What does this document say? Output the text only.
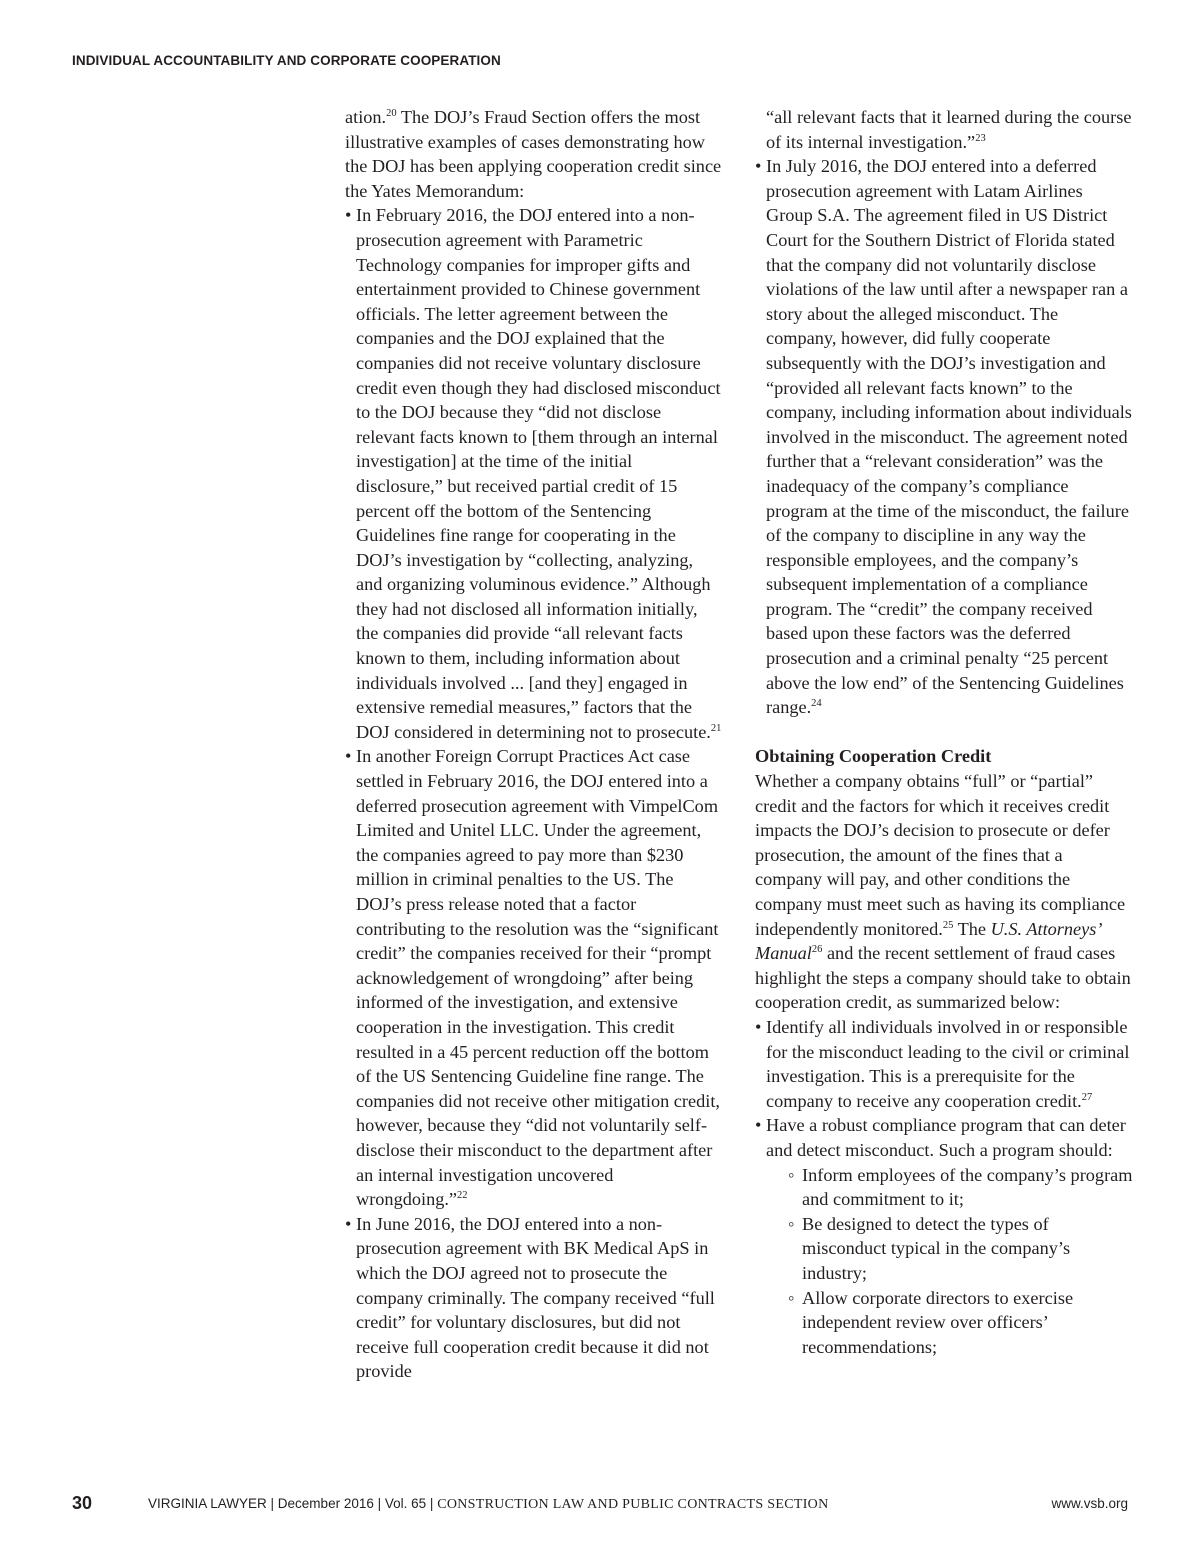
INDIVIDUAL ACCOUNTABILITY AND CORPORATE COOPERATION

ation.$^{20}$ The DOJ’s Fraud Section offers the most illustrative examples of cases demonstrating how the DOJ has been applying cooperation credit since the Yates Memorandum:

• In February 2016, the DOJ entered into a non-prosecution agreement with Parametric Technology companies for improper gifts and entertainment provided to Chinese government officials. The letter agreement between the companies and the DOJ explained that the companies did not receive voluntary disclosure credit even though they had disclosed misconduct to the DOJ because they “did not disclose relevant facts known to [them through an internal investigation] at the time of the initial disclosure,” but received partial credit of 15 percent off the bottom of the Sentencing Guidelines fine range for cooperating in the DOJ’s investigation by “collecting, analyzing, and organizing voluminous evidence.” Although they had not disclosed all information initially, the companies did provide “all relevant facts known to them, including information about individuals involved ... [and they] engaged in extensive remedial measures,” factors that the DOJ considered in determining not to prosecute.$^{21}$

• In another Foreign Corrupt Practices Act case settled in February 2016, the DOJ entered into a deferred prosecution agreement with VimpelCom Limited and Unitel LLC. Under the agreement, the companies agreed to pay more than $230 million in criminal penalties to the US. The DOJ’s press release noted that a factor contributing to the resolution was the “significant credit” the companies received for their “prompt acknowledgement of wrongdoing” after being informed of the investigation, and extensive cooperation in the investigation. This credit resulted in a 45 percent reduction off the bottom of the US Sentencing Guideline fine range. The companies did not receive other mitigation credit, however, because they “did not voluntarily self-disclose their misconduct to the department after an internal investigation uncovered wrongdoing.”$^{22}$

• In June 2016, the DOJ entered into a non-prosecution agreement with BK Medical ApS in which the DOJ agreed not to prosecute the company criminally. The company received “full credit” for voluntary disclosures, but did not receive full cooperation credit because it did not provide

“all relevant facts that it learned during the course of its internal investigation.”$^{23}$

• In July 2016, the DOJ entered into a deferred prosecution agreement with Latam Airlines Group S.A. The agreement filed in US District Court for the Southern District of Florida stated that the company did not voluntarily disclose violations of the law until after a newspaper ran a story about the alleged misconduct. The company, however, did fully cooperate subsequently with the DOJ’s investigation and “provided all relevant facts known” to the company, including information about individuals involved in the misconduct. The agreement noted further that a “relevant consideration” was the inadequacy of the company’s compliance program at the time of the misconduct, the failure of the company to discipline in any way the responsible employees, and the company’s subsequent implementation of a compliance program. The “credit” the company received based upon these factors was the deferred prosecution and a criminal penalty “25 percent above the low end” of the Sentencing Guidelines range.$^{24}$

Obtaining Cooperation Credit

Whether a company obtains “full” or “partial” credit and the factors for which it receives credit impacts the DOJ’s decision to prosecute or defer prosecution, the amount of the fines that a company will pay, and other conditions the company must meet such as having its compliance independently monitored.$^{25}$ The U.S. Attorneys’ Manual$^{26}$ and the recent settlement of fraud cases highlight the steps a company should take to obtain cooperation credit, as summarized below:

• Identify all individuals involved in or responsible for the misconduct leading to the civil or criminal investigation. This is a prerequisite for the company to receive any cooperation credit.$^{27}$

• Have a robust compliance program that can deter and detect misconduct. Such a program should:

◦ Inform employees of the company’s program and commitment to it;

◦ Be designed to detect the types of misconduct typical in the company’s industry;

◦ Allow corporate directors to exercise independent review over officers’ recommendations;

30	VIRGINIA LAWYER | December 2016 | Vol. 65 | CONSTRUCTION LAW AND PUBLIC CONTRACTS SECTION	www.vsb.org
